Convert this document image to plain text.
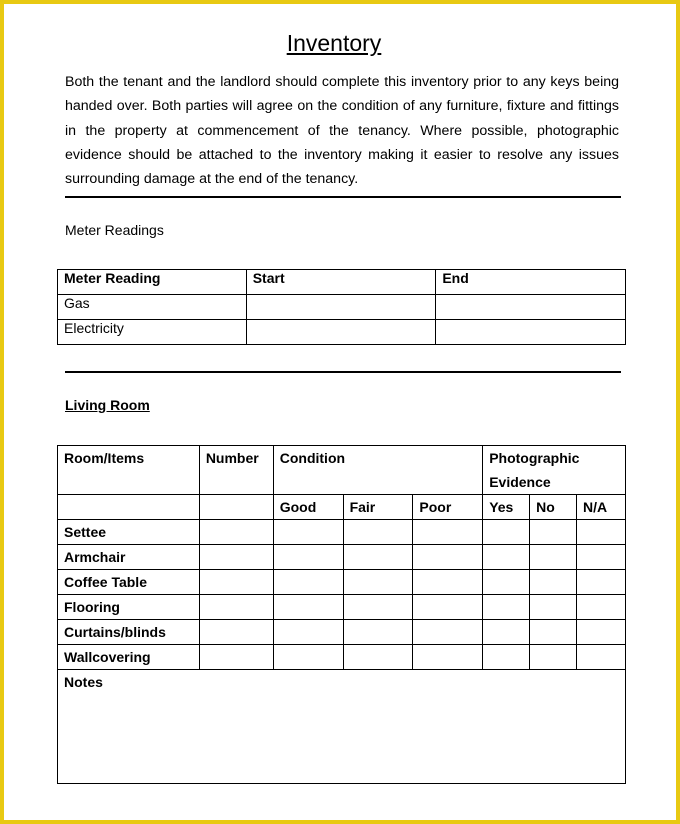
Inventory
Both the tenant and the landlord should complete this inventory prior to any keys being handed over. Both parties will agree on the condition of any furniture, fixture and fittings in the property at commencement of the tenancy. Where possible, photographic evidence should be attached to the inventory making it easier to resolve any issues surrounding damage at the end of the tenancy.
Meter Readings
Meter Reading	Start	End
Gas		
Electricity		
Living Room
Room/Items	Number	Condition			Photographic Evidence		
		Good	Fair	Poor	Yes	No	N/A
Settee							
Armchair							
Coffee Table							
Flooring							
Curtains/blinds							
Wallcovering							
Notes							
